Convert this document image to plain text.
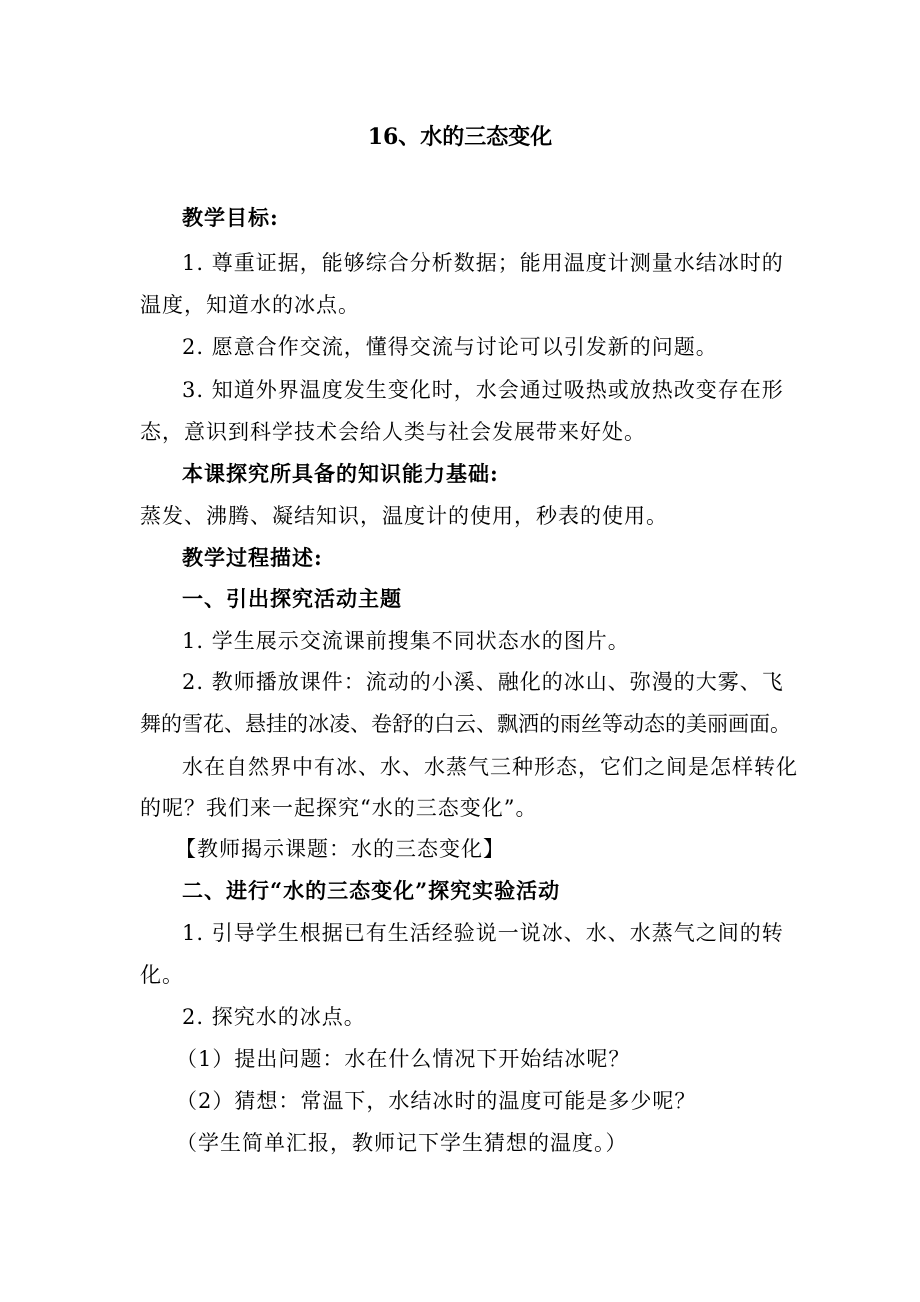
16、水的三态变化
教学目标:
1. 尊重证据，能够综合分析数据；能用温度计测量水结冰时的
温度，知道水的冰点。
2. 愿意合作交流，懂得交流与讨论可以引发新的问题。
3. 知道外界温度发生变化时，水会通过吸热或放热改变存在形
态，意识到科学技术会给人类与社会发展带来好处。
本课探究所具备的知识能力基础:
蒸发、沸腾、凝结知识，温度计的使用，秒表的使用。
教学过程描述:
一、引出探究活动主题
1. 学生展示交流课前搜集不同状态水的图片。
2. 教师播放课件：流动的小溪、融化的冰山、弥漫的大雾、飞
舞的雪花、悬挂的冰凌、卷舒的白云、飘洒的雨丝等动态的美丽画面。
水在自然界中有冰、水、水蒸气三种形态，它们之间是怎样转化
的呢？我们来一起探究“水的三态变化”。
【教师揭示课题：水的三态变化】
二、进行“水的三态变化”探究实验活动
1. 引导学生根据已有生活经验说一说冰、水、水蒸气之间的转
化。
2. 探究水的冰点。
（1）提出问题：水在什么情况下开始结冰呢？
（2）猜想：常温下，水结冰时的温度可能是多少呢？
（学生简单汇报，教师记下学生猜想的温度。）
